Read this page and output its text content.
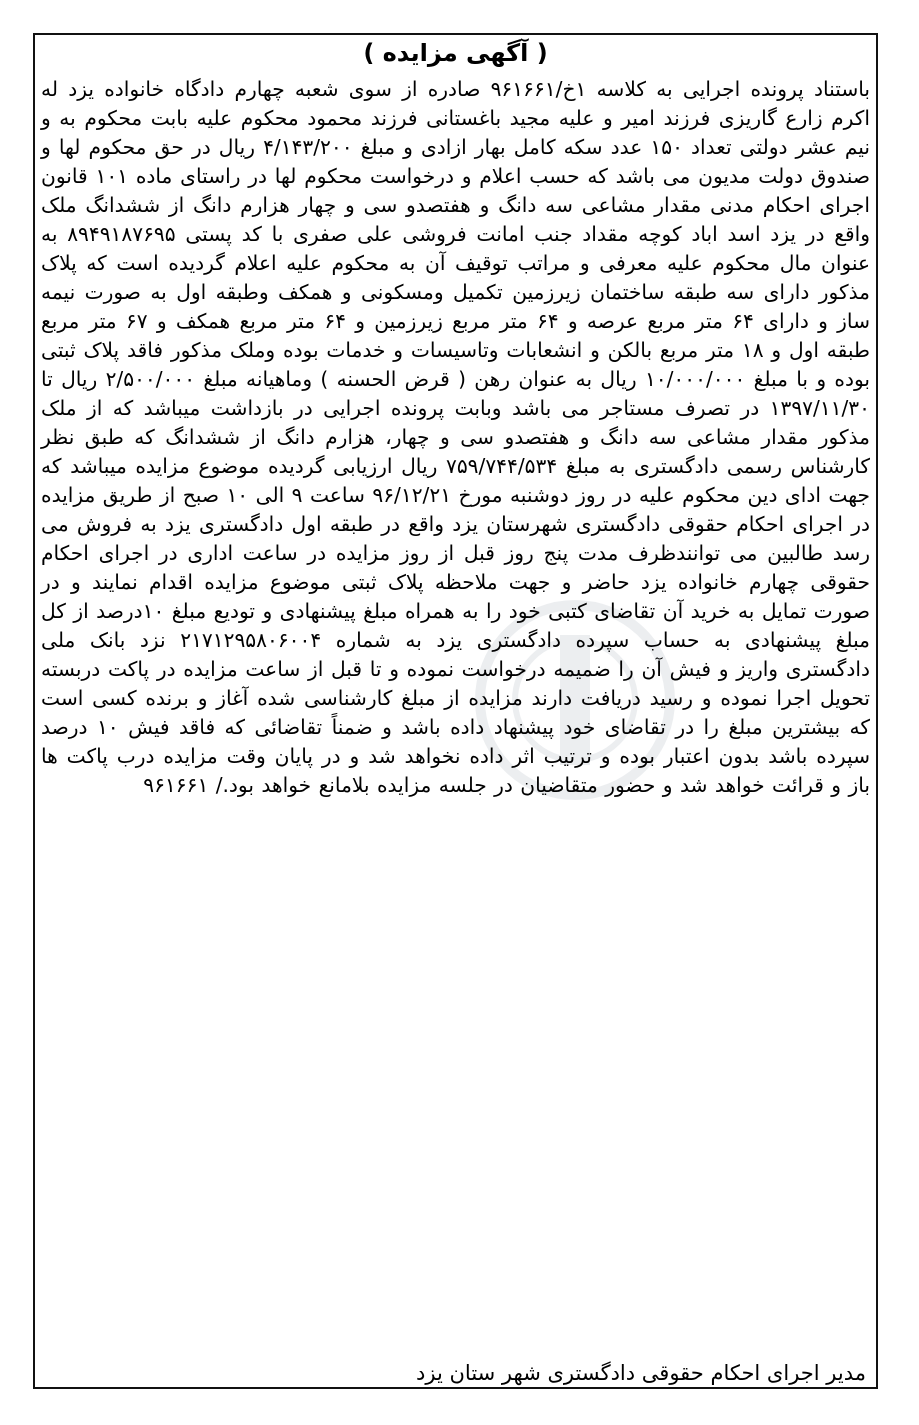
( آگهی مزایده )
باستناد پرونده اجرایی به کلاسه ۱خ/۹۶۱۶۶۱ صادره از سوی شعبه چهارم دادگاه خانواده یزد له اکرم زارع گاریزی فرزند امیر و علیه مجید باغستانی فرزند محمود محکوم علیه بابت محکوم به و نیم عشر دولتی تعداد ۱۵۰ عدد سکه کامل بهار ازادی و مبلغ ۴/۱۴۳/۲۰۰ ریال در حق محکوم لها و صندوق دولت مدیون می باشد که حسب اعلام و درخواست محکوم لها در راستای ماده ۱۰۱ قانون اجرای احکام مدنی مقدار مشاعی سه دانگ و هفتصدو سی و چهار هزارم دانگ از ششدانگ ملک واقع در یزد اسد اباد کوچه مقداد جنب امانت فروشی علی صفری با کد پستی ۸۹۴۹۱۸۷۶۹۵ به عنوان مال محکوم علیه معرفی و مراتب توقیف آن به محکوم علیه اعلام گردیده است که پلاک مذکور دارای سه طبقه ساختمان زیرزمین تکمیل ومسکونی و همکف وطبقه اول به صورت نیمه ساز و دارای ۶۴ متر مربع عرصه و ۶۴ متر مربع زیرزمین و ۶۴ متر مربع همکف و ۶۷ متر مربع طبقه اول و ۱۸ متر مربع بالکن و انشعابات وتاسیسات و خدمات بوده وملک مذکور فاقد پلاک ثبتی بوده و با مبلغ ۱۰/۰۰۰/۰۰۰ ریال به عنوان رهن ( قرض الحسنه ) وماهیانه مبلغ ۲/۵۰۰/۰۰۰ ریال تا ۱۳۹۷/۱۱/۳۰ در تصرف مستاجر می باشد وبابت پرونده اجرایی در بازداشت میباشد که از ملک مذکور مقدار مشاعی سه دانگ و هفتصدو سی و چهار، هزارم دانگ از ششدانگ که طبق نظر کارشناس رسمی دادگستری به مبلغ ۷۵۹/۷۴۴/۵۳۴ ریال ارزیابی گردیده موضوع مزایده میباشد که جهت ادای دین محکوم علیه در روز دوشنبه مورخ ۹۶/۱۲/۲۱ ساعت ۹ الی ۱۰ صبح از طریق مزایده در اجرای احکام حقوقی دادگستری شهرستان یزد واقع در طبقه اول دادگستری یزد به فروش می رسد طالبین می توانندظرف مدت پنج روز قبل از روز مزایده در ساعت اداری در اجرای احکام حقوقی چهارم خانواده یزد حاضر و جهت ملاحظه پلاک ثبتی موضوع مزایده اقدام نمایند و در صورت تمایل به خرید آن تقاضای کتبی خود را به همراه مبلغ پیشنهادی و تودیع مبلغ ۱۰درصد از کل مبلغ پیشنهادی به حساب سپرده دادگستری یزد به شماره ۲۱۷۱۲۹۵۸۰۶۰۰۴ نزد بانک ملی دادگستری واریز و فیش آن را ضمیمه درخواست نموده و تا قبل از ساعت مزایده در پاکت دربسته تحویل اجرا نموده و رسید دریافت دارند مزایده از مبلغ کارشناسی شده آغاز و برنده کسی است که بیشترین مبلغ را در تقاضای خود پیشنهاد داده باشد و ضمناً تقاضائی که فاقد فیش ۱۰ درصد سپرده باشد بدون اعتبار بوده و ترتیب اثر داده نخواهد شد و در پایان وقت مزایده درب پاکت ها باز و قرائت خواهد شد و حضور متقاضیان در جلسه مزایده بلامانع خواهد بود./ ۹۶۱۶۶۱
مدیر اجرای احکام حقوقی دادگستری شهر ستان یزد
